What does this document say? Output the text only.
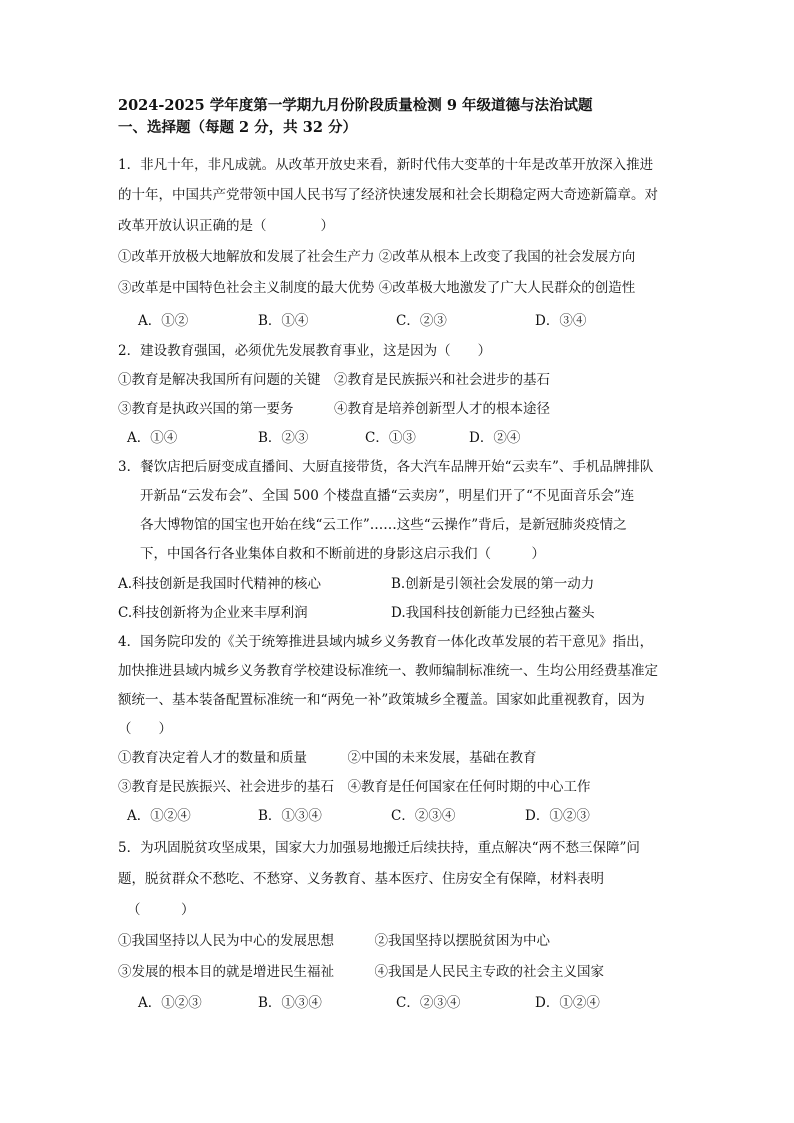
2024-2025 学年度第一学期九月份阶段质量检测 9 年级道德与法治试题
一、选择题（每题 2 分，共 32 分）
1．非凡十年，非凡成就。从改革开放史来看，新时代伟大变革的十年是改革开放深入推进
的十年，中国共产党带领中国人民书写了经济快速发展和社会长期稳定两大奇迹新篇章。对
改革开放认识正确的是（　　　　）
①改革开放极大地解放和发展了社会生产力 ②改革从根本上改变了我国的社会发展方向
③改革是中国特色社会主义制度的最大优势 ④改革极大地激发了广大人民群众的创造性
A．①②	B．①④	C．②③	D．③④
2．建设教育强国，必须优先发展教育事业，这是因为（　　）
①教育是解决我国所有问题的关键　②教育是民族振兴和社会进步的基石
③教育是执政兴国的第一要务　　　④教育是培养创新型人才的根本途径
A．①④	B．②③	C．①③	D．②④
3．餐饮店把后厨变成直播间、大厨直接带货，各大汽车品牌开始“云卖车”、手机品牌排队
开新品“云发布会”、全国 500 个楼盘直播“云卖房”，明星们开了“不见面音乐会”连
各大博物馆的国宝也开始在线“云工作”……这些“云操作”背后，是新冠肺炎疫情之
下，中国各行各业集体自救和不断前进的身影这启示我们（　　　）
A.科技创新是我国时代精神的核心	B.创新是引领社会发展的第一动力
C.科技创新将为企业来丰厚利润	D.我国科技创新能力已经独占鳌头
4．国务院印发的《关于统筹推进县域内城乡义务教育一体化改革发展的若干意见》指出，
加快推进县域内城乡义务教育学校建设标准统一、教师编制标准统一、生均公用经费基准定
额统一、基本装备配置标准统一和“两免一补”政策城乡全覆盖。国家如此重视教育，因为
（　　）
①教育决定着人才的数量和质量　　　②中国的未来发展，基础在教育
③教育是民族振兴、社会进步的基石　④教育是任何国家在任何时期的中心工作
A．①②④	B．①③④	C．②③④	D．①②③
5．为巩固脱贫攻坚成果，国家大力加强易地搬迁后续扶持，重点解决“两不愁三保障”问
题，脱贫群众不愁吃、不愁穿、义务教育、基本医疗、住房安全有保障，材料表明
（　　　）
①我国坚持以人民为中心的发展思想　　　②我国坚持以摆脱贫困为中心
③发展的根本目的就是增进民生福祉　　　④我国是人民民主专政的社会主义国家
A．①②③	B．①③④	C．②③④	D．①②④
